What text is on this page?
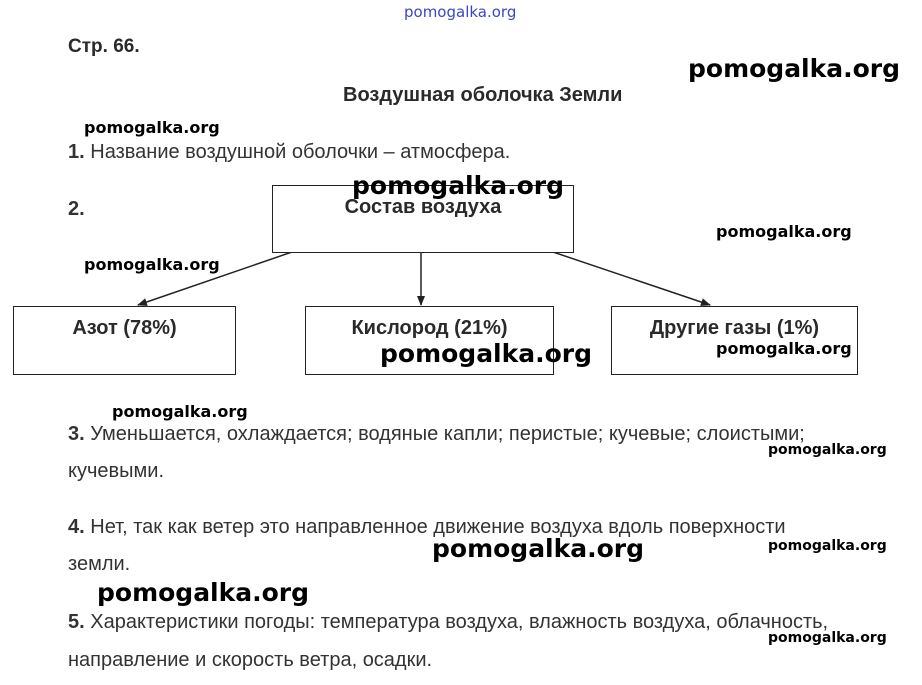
pomogalka.org
Стр. 66.
Воздушная оболочка Земли
1. Название воздушной оболочки – атмосфера.
2.	Состав воздуха
Азот (78%)	Кислород (21%)	Другие газы (1%)
3. Уменьшается, охлаждается; водяные капли; перистые; кучевые; слоистыми;
кучевыми.
4. Нет, так как ветер это направленное движение воздуха вдоль поверхности
земли.
5. Характеристики погоды: температура воздуха, влажность воздуха, облачность,
направление и скорость ветра, осадки.
pomogalka.org
pomogalka.org
pomogalka.org
pomogalka.org
pomogalka.org
pomogalka.org	pomogalka.org
pomogalka.org
pomogalka.org
pomogalka.org	pomogalka.org
pomogalka.org
pomogalka.org
